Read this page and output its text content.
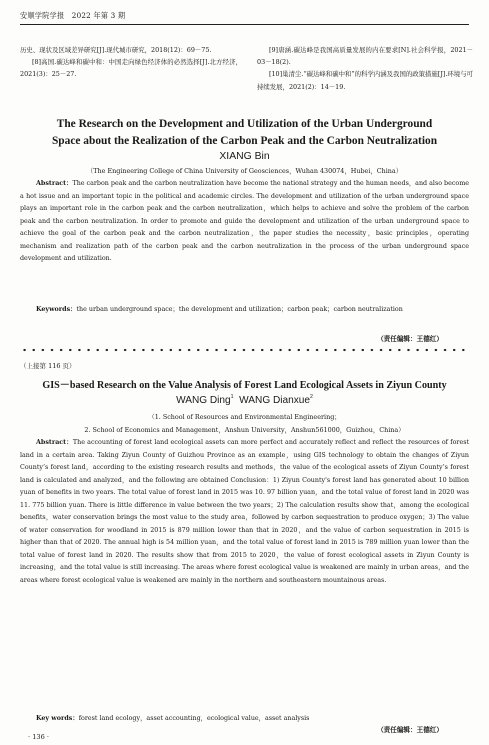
安顺学院学报 2022 年第 3 期

历史、现状及区域差异研究[J].现代城市研究，2018(12)：69－75.

[8]高国.碳达峰和碳中和：中国走向绿色经济体的必然选择[J].北方经济，2021(3)：25－27.

[9]唐涵.碳达峰是我国高质量发展的内在要求[N].社会科学报，2021－03－18(2).

[10]巢清尘.“碳达峰和碳中和”的科学内涵及我国的政策措施[J].环境与可持续发展，2021(2)：14－19.

The Research on the Development and Utilization of the Urban Underground
Space about the Realization of the Carbon Peak and the Carbon Neutralization
XIANG Bin
（The Engineering College of China University of Geosciences，Wuhan 430074，Hubei，China）

Abstract：The carbon peak and the carbon neutralization have become the national strategy and the human needs，and also become a hot issue and an important topic in the political and academic circles. The development and utilization of the urban underground space plays an important role in the carbon peak and the carbon neutralization，which helps to achieve and solve the problem of the carbon peak and the carbon neutralization. In order to promote and guide the development and utilization of the urban underground space to achieve the goal of the carbon peak and the carbon neutralization，the paper studies the necessity，basic principles，operating mechanism and realization path of the carbon peak and the carbon neutralization in the process of the urban underground space development and utilization.

Keywords：the urban underground space；the development and utilization；carbon peak；carbon neutralization

（责任编辑：王德红）
（上接第 116 页）
GIS－based Research on the Value Analysis of Forest Land Ecological Assets in Ziyun County
WANG Ding$^1$ WANG Dianxue$^2$
（1. School of Resources and Environmental Engineering；
2. School of Economics and Management，Anshun University，Anshun561000，Guizhou，China）

Abstract：The accounting of forest land ecological assets can more perfect and accurately reflect and reflect the resources of forest land in a certain area. Taking Ziyun County of Guizhou Province as an example，using GIS technology to obtain the changes of Ziyun County’s forest land，according to the existing research results and methods，the value of the ecological assets of Ziyun County’s forest land is calculated and analyzed，and the following are obtained Conclusion：1) Ziyun County's forest land has generated about 10 billion yuan of benefits in two years. The total value of forest land in 2015 was 10. 97 billion yuan，and the total value of forest land in 2020 was 11. 775 billion yuan. There is little difference in value between the two years；2) The calculation results show that，among the ecological benefits，water conservation brings the most value to the study area，followed by carbon sequestration to produce oxygen；3) The value of water conservation for woodland in 2015 is 879 million lower than that in 2020，and the value of carbon sequestration in 2015 is higher than that of 2020. The annual high is 54 million yuan，and the total value of forest land in 2015 is 789 million yuan lower than the total value of forest land in 2020. The results show that from 2015 to 2020，the value of forest ecological assets in Ziyun County is increasing，and the total value is still increasing. The areas where forest ecological value is weakened are mainly in urban areas，and the areas where forest ecological value is weakened are mainly in the northern and southeastern mountainous areas.

Key words：forest land ecology，asset accounting，ecological value，asset analysis

（责任编辑：王德红）
· 136 ·
